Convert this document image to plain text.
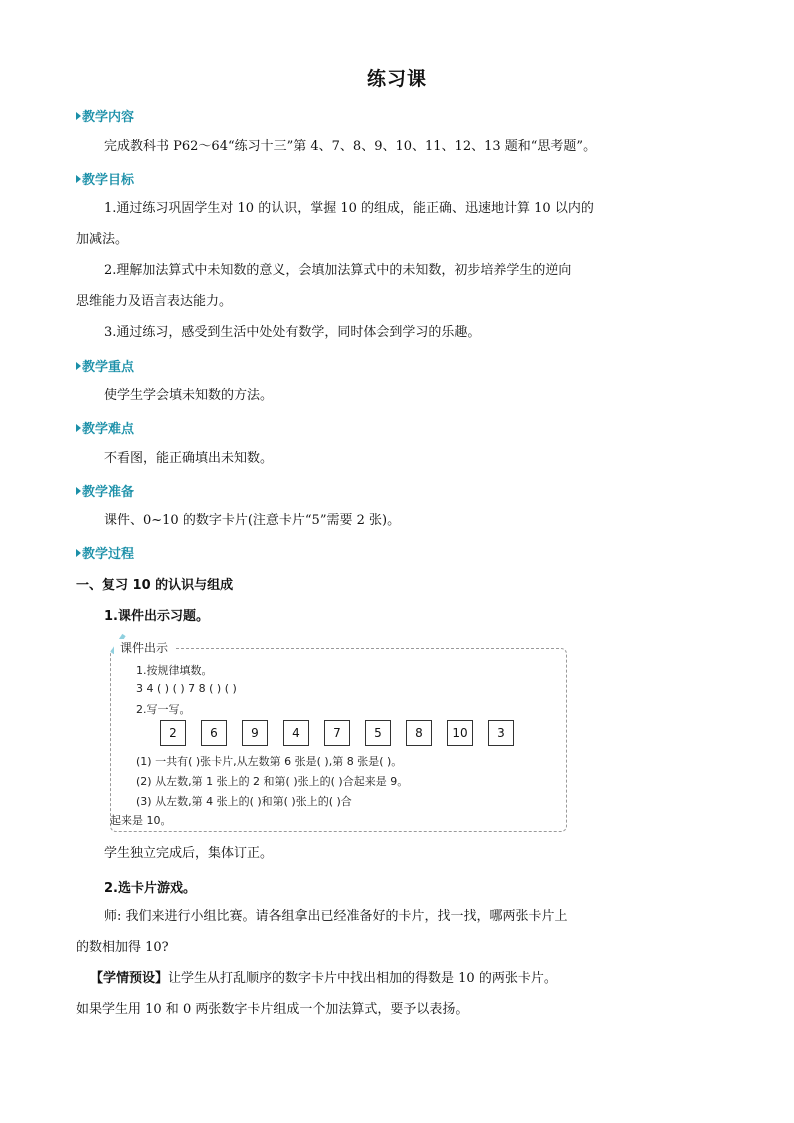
练习课
教学内容
完成教科书 P62～64“练习十三”第 4、7、8、9、10、11、12、13 题和“思考题”。
教学目标
1.通过练习巩固学生对 10 的认识，掌握 10 的组成，能正确、迅速地计算 10 以内的
加减法。
2.理解加法算式中未知数的意义，会填加法算式中的未知数，初步培养学生的逆向
思维能力及语言表达能力。
3.通过练习，感受到生活中处处有数学，同时体会到学习的乐趣。
教学重点
使学生学会填未知数的方法。
教学难点
不看图，能正确填出未知数。
教学准备
课件、0~10 的数字卡片(注意卡片“5”需要 2 张)。
教学过程
一、复习 10 的认识与组成
1.课件出示习题。
课件出示
1.按规律填数。
3 4 ( ) ( ) 7 8 ( ) ( )
2.写一写。
2	6	9	4	7	5	8	10	3
(1) 一共有( )张卡片,从左数第 6 张是( ),第 8 张是( )。
(2) 从左数,第 1 张上的 2 和第( )张上的( )合起来是 9。
(3) 从左数,第 4 张上的( )和第( )张上的( )合
起来是 10。
学生独立完成后，集体订正。
2.选卡片游戏。
师: 我们来进行小组比赛。请各组拿出已经准备好的卡片，找一找，哪两张卡片上
的数相加得 10?
【学情预设】让学生从打乱顺序的数字卡片中找出相加的得数是 10 的两张卡片。
如果学生用 10 和 0 两张数字卡片组成一个加法算式，要予以表扬。
